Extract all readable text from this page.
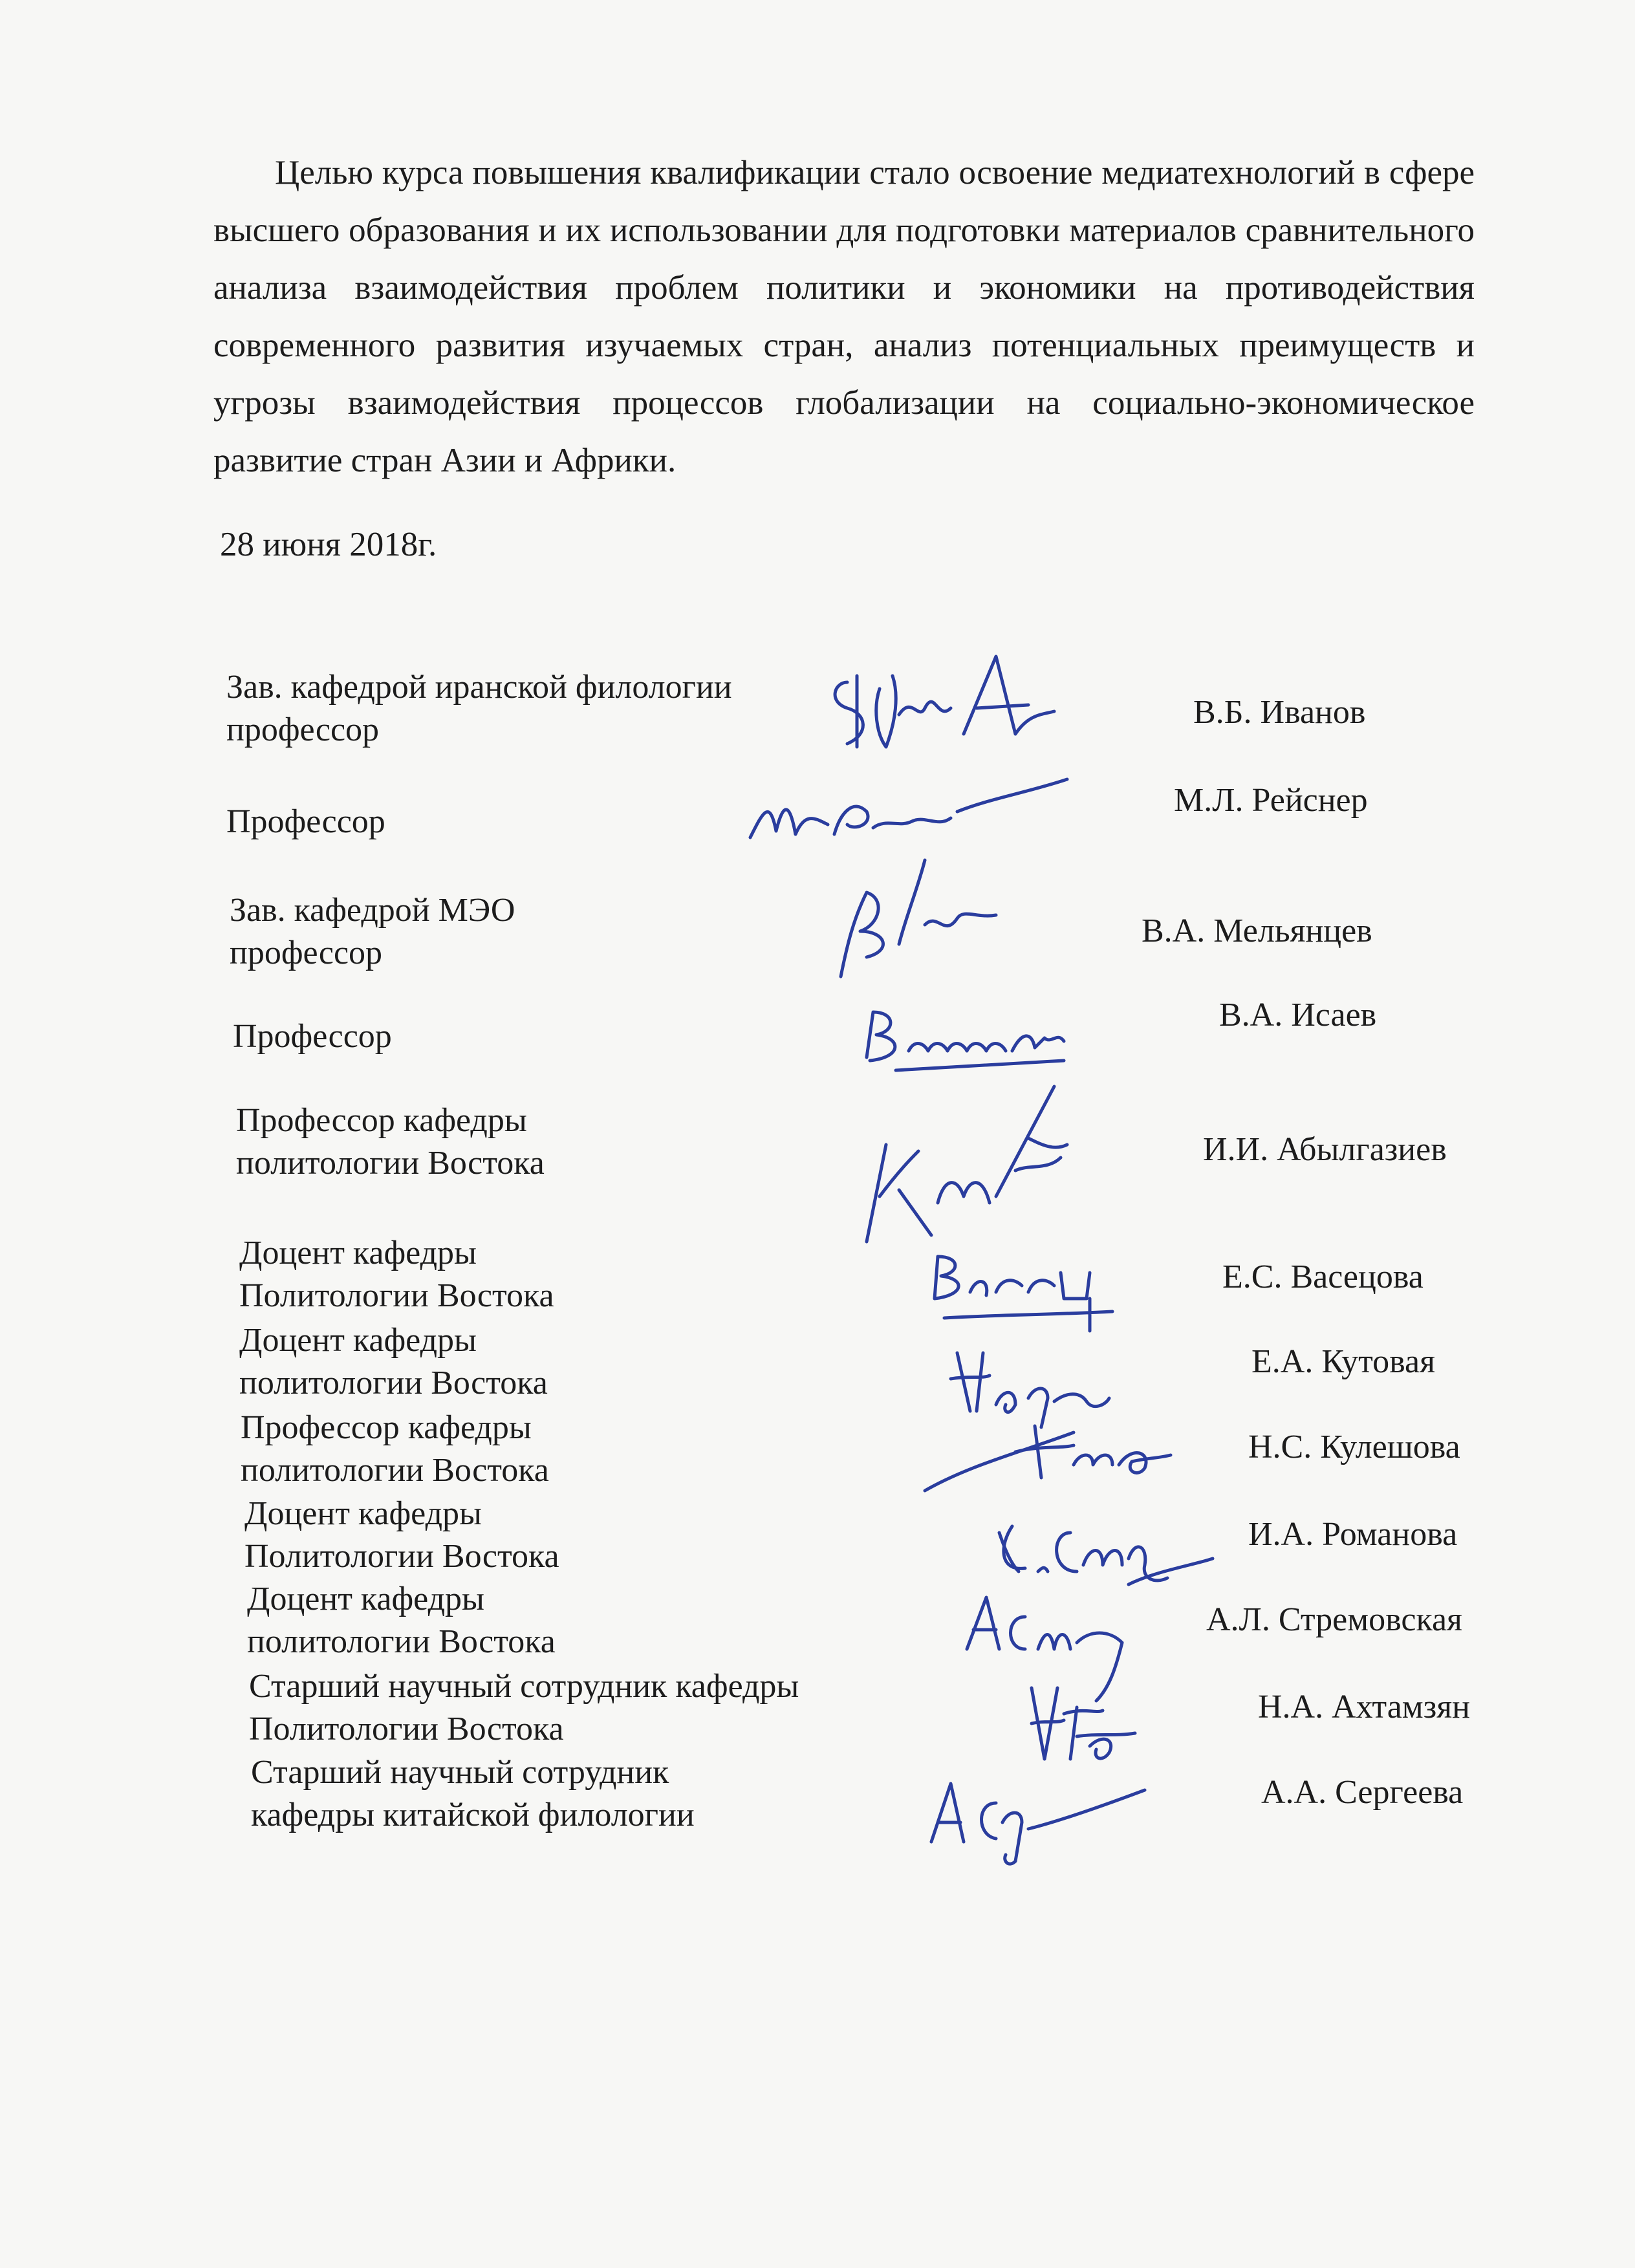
Целью курса повышения квалификации стало освоение медиатехнологий в сфере высшего образования и их использовании для подготовки материалов сравнительного анализа взаимодействия проблем политики и экономики на противодействия современного развития изучаемых стран, анализ потенциальных преимуществ и угрозы взаимодействия процессов глобализации на социально-экономическое развитие стран Азии и Африки.

28 июня 2018г.
Зав. кафедрой иранской филологии
профессор	В.Б. Иванов
Профессор
М.Л. Рейснер
Зав. кафедрой МЭО
профессор
В.А. Мельянцев
Профессор
В.А. Исаев
Профессор кафедры
политологии Востока	И.И. Абылгазиев
Доцент кафедры
Политологии Востока
Е.С. Васецова
Доцент кафедры
политологии Востока
Е.А. Кутовая
Профессор кафедры
политологии Востока
Н.С. Кулешова
Доцент кафедры
Политологии Востока
И.А. Романова
Доцент кафедры
политологии Востока
А.Л. Стремовская
Старший научный сотрудник кафедры
Политологии Востока
Н.А. Ахтамзян
Старший научный сотрудник
кафедры китайской филологии
А.А. Сергеева
